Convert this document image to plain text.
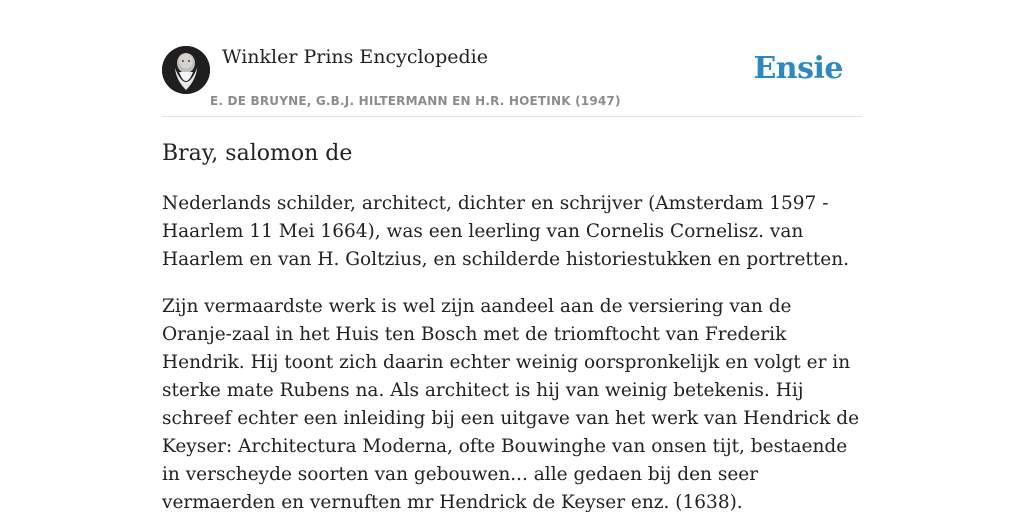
Winkler Prins Encyclopedie
E. DE BRUYNE, G.B.J. HILTERMANN EN H.R. HOETINK (1947)
Ensie
Bray, salomon de

Nederlands schilder, architect, dichter en schrijver (Amsterdam 1597 - Haarlem 11 Mei 1664), was een leerling van Cornelis Cornelisz. van Haarlem en van H. Goltzius, en schilderde historiestukken en portretten.

Zijn vermaardste werk is wel zijn aandeel aan de versiering van de Oranje-zaal in het Huis ten Bosch met de triomftocht van Frederik Hendrik. Hij toont zich daarin echter weinig oorspronkelijk en volgt er in sterke mate Rubens na. Als architect is hij van weinig betekenis. Hij schreef echter een inleiding bij een uitgave van het werk van Hendrick de Keyser: Architectura Moderna, ofte Bouwinghe van onsen tijt, bestaende in verscheyde soorten van gebouwen... alle gedaen bij den seer vermaerden en vernuften mr Hendrick de Keyser enz. (1638).
